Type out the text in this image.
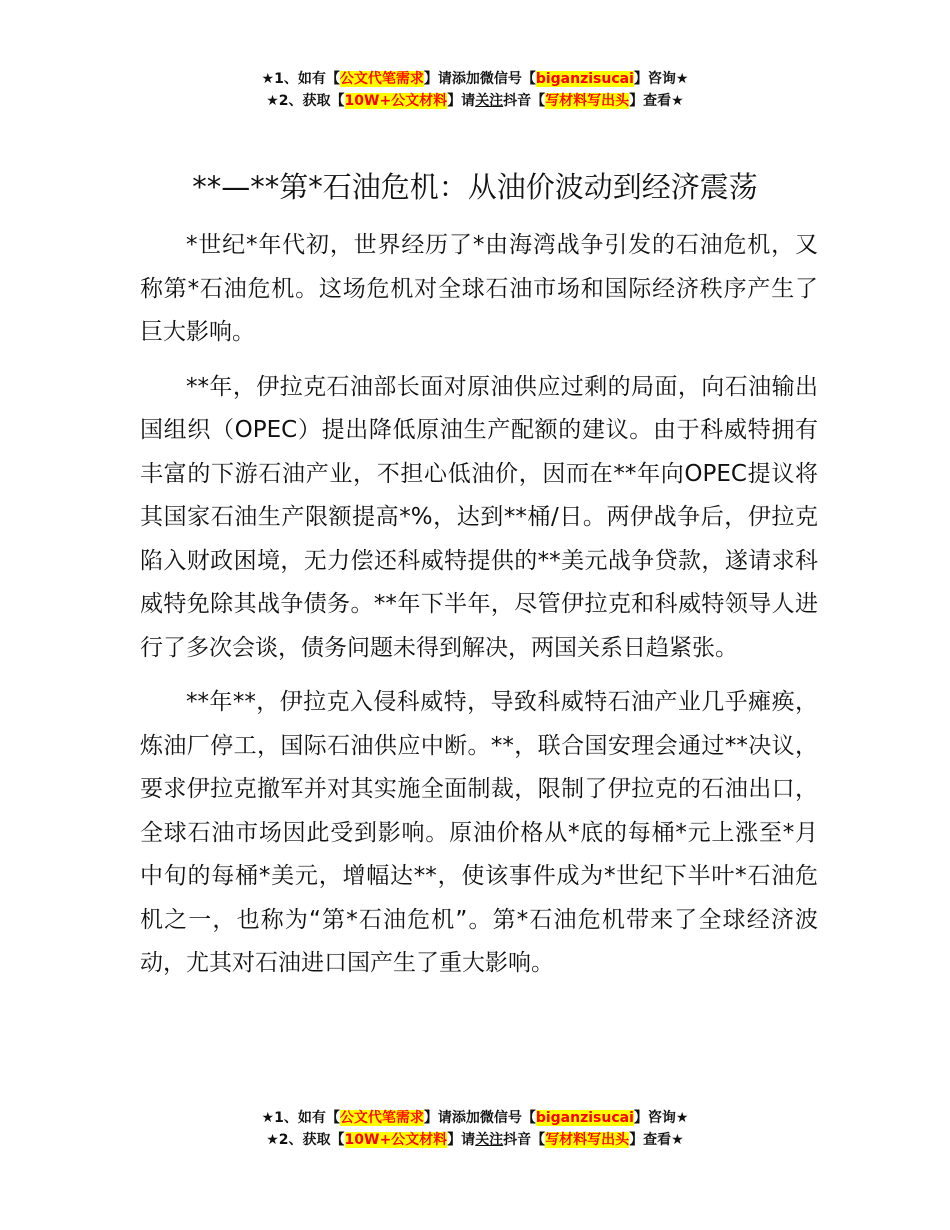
★1、如有【公文代笔需求】请添加微信号【biganzisucai】咨询★
★2、获取【10W+公文材料】请关注抖音【写材料写出头】查看★
**—**第*石油危机：从油价波动到经济震荡

*世纪*年代初，世界经历了*由海湾战争引发的石油危机，又称第*石油危机。这场危机对全球石油市场和国际经济秩序产生了巨大影响。

**年，伊拉克石油部长面对原油供应过剩的局面，向石油输出国组织（OPEC）提出降低原油生产配额的建议。由于科威特拥有丰富的下游石油产业，不担心低油价，因而在**年向OPEC提议将其国家石油生产限额提高*%，达到**桶/日。两伊战争后，伊拉克陷入财政困境，无力偿还科威特提供的**美元战争贷款，遂请求科威特免除其战争债务。**年下半年，尽管伊拉克和科威特领导人进行了多次会谈，债务问题未得到解决，两国关系日趋紧张。

**年**，伊拉克入侵科威特，导致科威特石油产业几乎瘫痪，炼油厂停工，国际石油供应中断。**，联合国安理会通过**决议，要求伊拉克撤军并对其实施全面制裁，限制了伊拉克的石油出口，全球石油市场因此受到影响。原油价格从*底的每桶*元上涨至*月中旬的每桶*美元，增幅达**，使该事件成为*世纪下半叶*石油危机之一，也称为“第*石油危机”。第*石油危机带来了全球经济波动，尤其对石油进口国产生了重大影响。

★1、如有【公文代笔需求】请添加微信号【biganzisucai】咨询★
★2、获取【10W+公文材料】请关注抖音【写材料写出头】查看★
